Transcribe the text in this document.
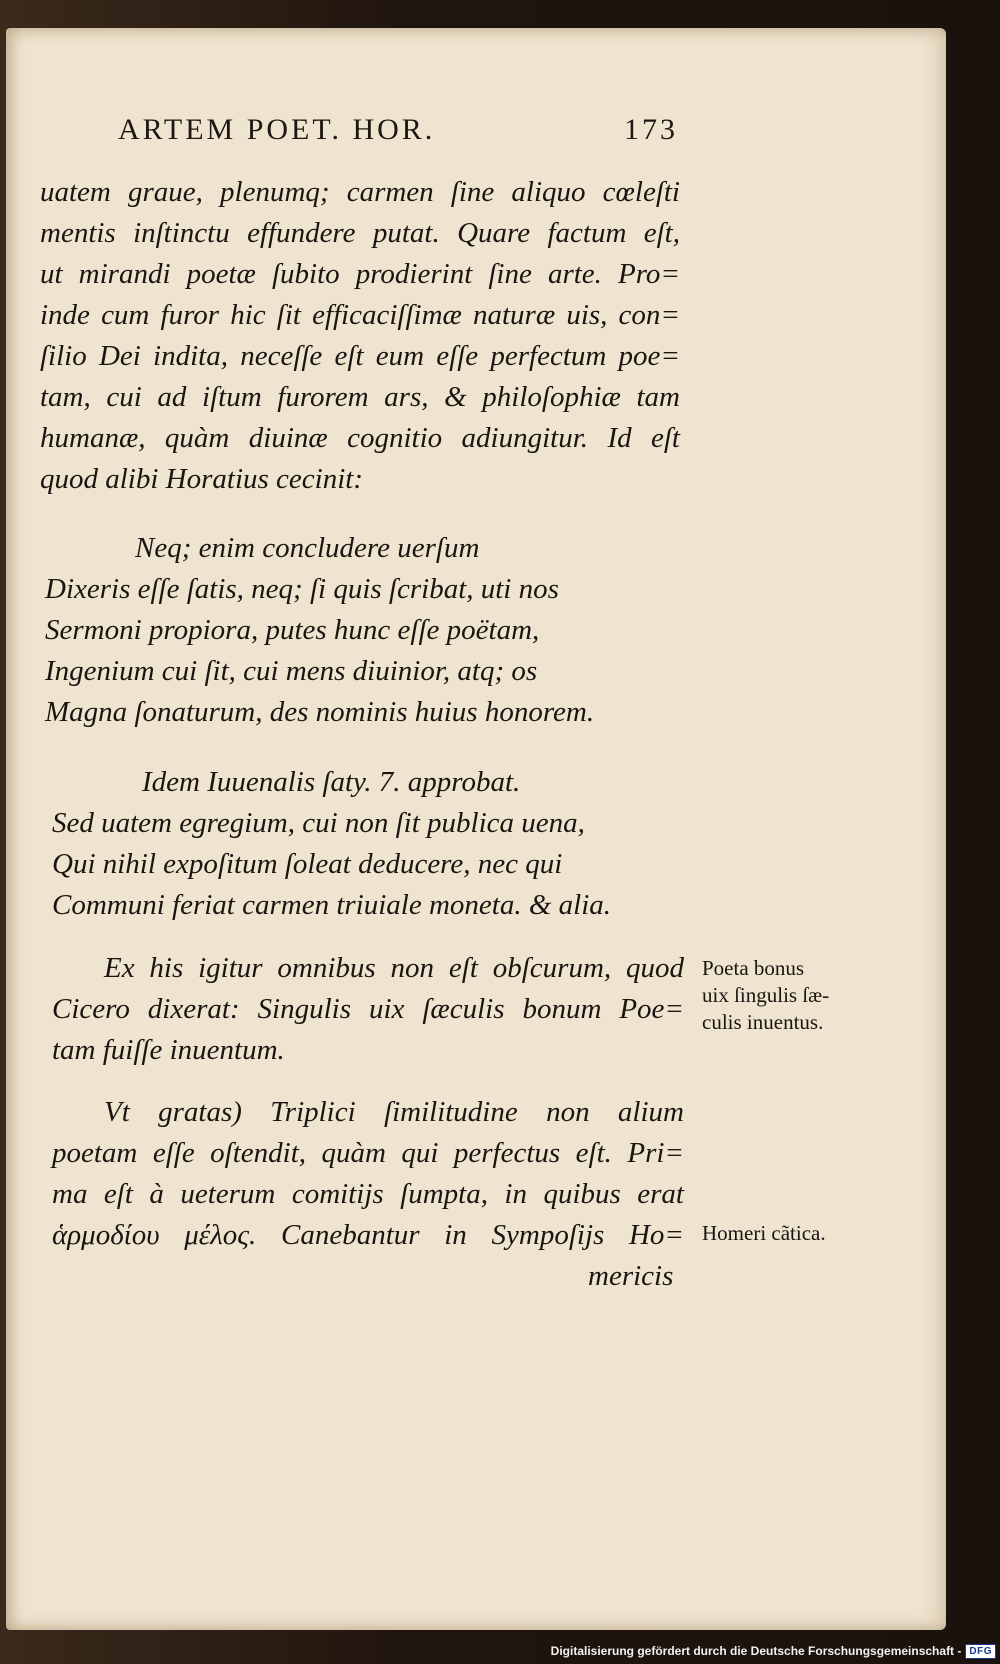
ARTEM POET. HOR.	173
uatem graue, plenumq; carmen ſine aliquo cœleſti
mentis inſtinctu effundere putat. Quare factum eſt,
ut mirandi poetæ ſubito prodierint ſine arte. Pro=
inde cum furor hic ſit efficaciſſimæ naturæ uis, con=
ſilio Dei indita, neceſſe eſt eum eſſe perfectum poe=
tam, cui ad iſtum furorem ars, & philoſophiæ tam
humanæ, quàm diuinæ cognitio adiungitur. Id eſt
quod alibi Horatius cecinit:
Neq; enim concludere uerſum
Dixeris eſſe ſatis, neq; ſi quis ſcribat, uti nos
Sermoni propiora, putes hunc eſſe poëtam,
Ingenium cui ſit, cui mens diuinior, atq; os
Magna ſonaturum, des nominis huius honorem.
Idem Iuuenalis ſaty. 7. approbat.
Sed uatem egregium, cui non ſit publica uena,
Qui nihil expoſitum ſoleat deducere, nec qui
Communi feriat carmen triuiale moneta. & alia.
Ex his igitur omnibus non eſt obſcurum, quod
Cicero dixerat: Singulis uix ſæculis bonum Poe=
tam fuiſſe inuentum.
Vt gratas) Triplici ſimilitudine non alium
poetam eſſe oſtendit, quàm qui perfectus eſt. Pri=
ma eſt à ueterum comitijs ſumpta, in quibus erat
ἁρμοδίου μέλος. Canebantur in Sympoſijs Ho=
mericis
Poeta bonus
uix ſingulis ſæ-
culis inuentus.
Homeri cãtica.
Digitalisierung gefördert durch die Deutsche Forschungsgemeinschaft - DFG
